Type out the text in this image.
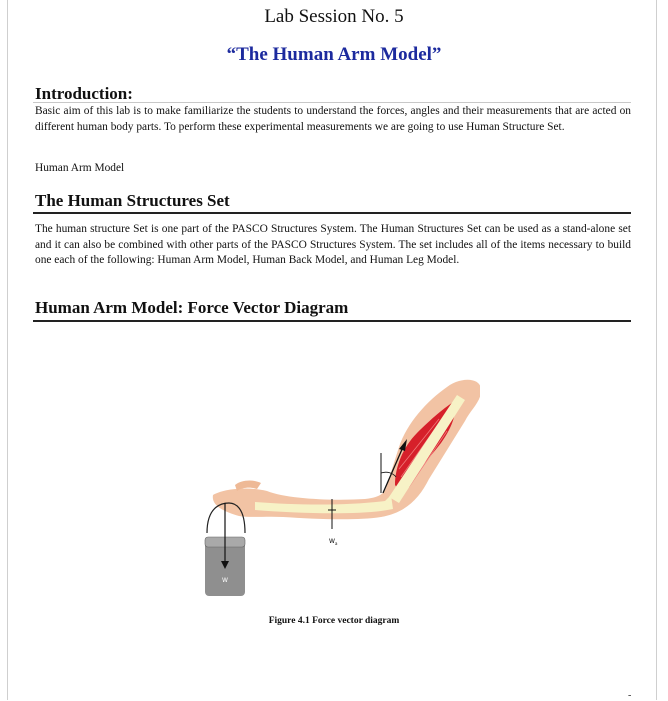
Lab Session No. 5
“The Human Arm Model”
Introduction:
Basic aim of this lab is to make familiarize the students to understand the forces, angles and their measurements that are acted on different human body parts. To perform these experimental measurements we are going to use Human Structure Set.
Human Arm Model
The Human Structures Set
The human structure Set is one part of the PASCO Structures System. The Human Structures Set can be used as a stand-alone set and it can also be combined with other parts of the PASCO Structures System. The set includes all of the items necessary to build one each of the following: Human Arm Model, Human Back Model, and Human Leg Model.
Human Arm Model: Force Vector Diagram
$W_a$
W
Figure 4.1 Force vector diagram
-
